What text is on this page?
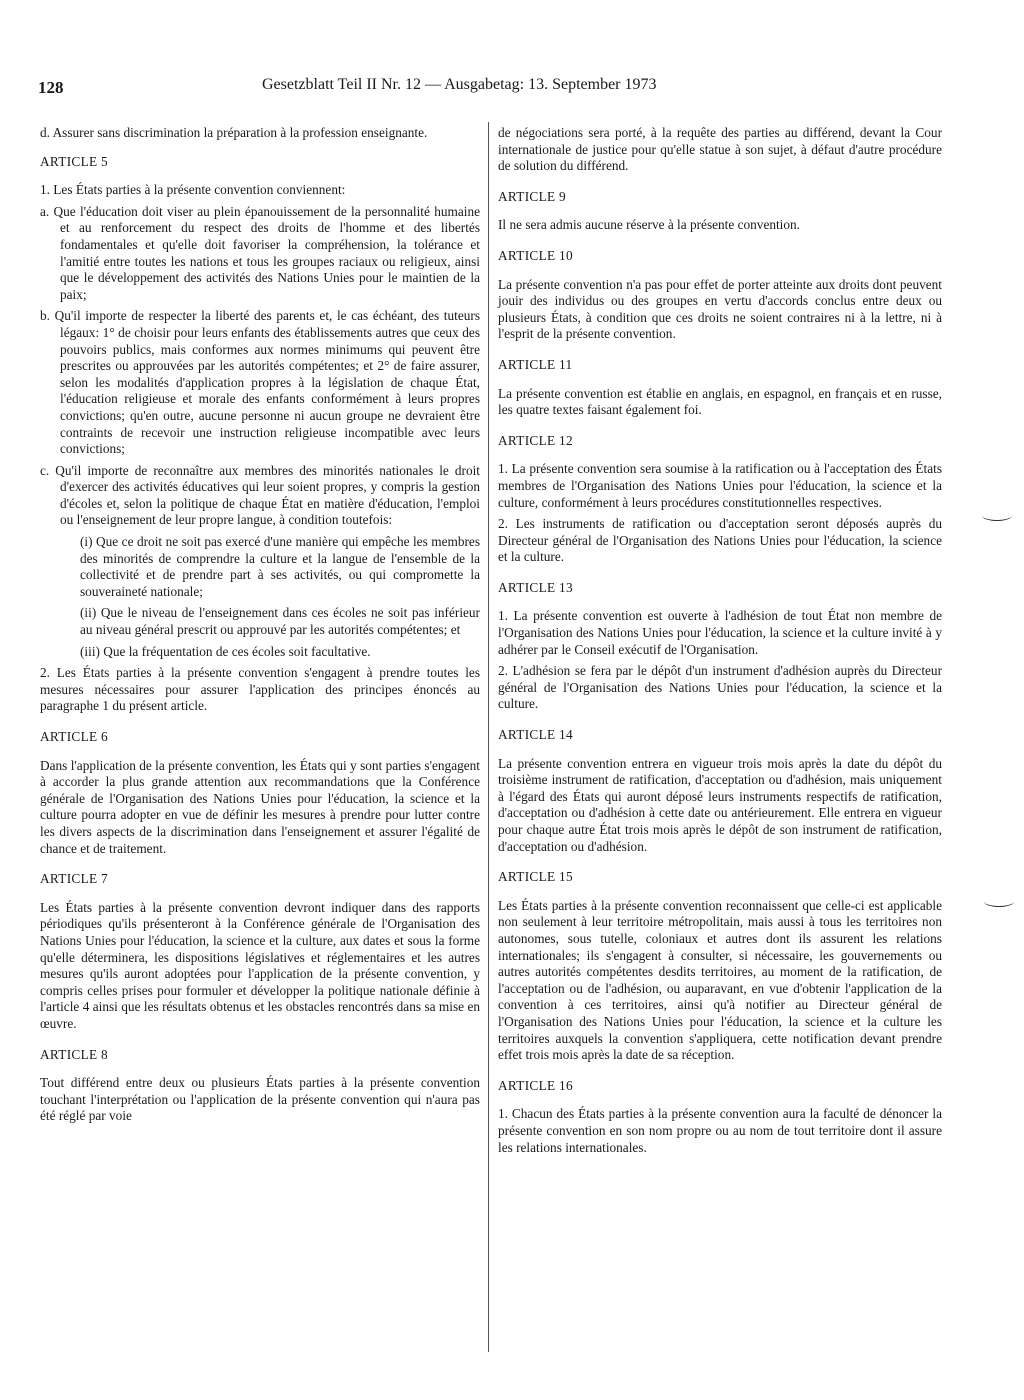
128	Gesetzblatt Teil II Nr. 12 — Ausgabetag: 13. September 1973

d. Assurer sans discrimination la préparation à la profession enseignante.

ARTICLE 5

1. Les États parties à la présente convention conviennent:

a. Que l'éducation doit viser au plein épanouissement de la personnalité humaine et au renforcement du respect des droits de l'homme et des libertés fondamentales et qu'elle doit favoriser la compréhension, la tolérance et l'amitié entre toutes les nations et tous les groupes raciaux ou religieux, ainsi que le développement des activités des Nations Unies pour le maintien de la paix;

b. Qu'il importe de respecter la liberté des parents et, le cas échéant, des tuteurs légaux: 1° de choisir pour leurs enfants des établissements autres que ceux des pouvoirs publics, mais conformes aux normes minimums qui peuvent être prescrites ou approuvées par les autorités compétentes; et 2° de faire assurer, selon les modalités d'application propres à la législation de chaque État, l'éducation religieuse et morale des enfants conformément à leurs propres convictions; qu'en outre, aucune personne ni aucun groupe ne devraient être contraints de recevoir une instruction religieuse incompatible avec leurs convictions;

c. Qu'il importe de reconnaître aux membres des minorités nationales le droit d'exercer des activités éducatives qui leur soient propres, y compris la gestion d'écoles et, selon la politique de chaque État en matière d'éducation, l'emploi ou l'enseignement de leur propre langue, à condition toutefois:

(i) Que ce droit ne soit pas exercé d'une manière qui empêche les membres des minorités de comprendre la culture et la langue de l'ensemble de la collectivité et de prendre part à ses activités, ou qui compromette la souveraineté nationale;

(ii) Que le niveau de l'enseignement dans ces écoles ne soit pas inférieur au niveau général prescrit ou approuvé par les autorités compétentes; et

(iii) Que la fréquentation de ces écoles soit facultative.

2. Les États parties à la présente convention s'engagent à prendre toutes les mesures nécessaires pour assurer l'application des principes énoncés au paragraphe 1 du présent article.

ARTICLE 6

Dans l'application de la présente convention, les États qui y sont parties s'engagent à accorder la plus grande attention aux recommandations que la Conférence générale de l'Organisation des Nations Unies pour l'éducation, la science et la culture pourra adopter en vue de définir les mesures à prendre pour lutter contre les divers aspects de la discrimination dans l'enseignement et assurer l'égalité de chance et de traitement.

ARTICLE 7

Les États parties à la présente convention devront indiquer dans des rapports périodiques qu'ils présenteront à la Conférence générale de l'Organisation des Nations Unies pour l'éducation, la science et la culture, aux dates et sous la forme qu'elle déterminera, les dispositions législatives et réglementaires et les autres mesures qu'ils auront adoptées pour l'application de la présente convention, y compris celles prises pour formuler et développer la politique nationale définie à l'article 4 ainsi que les résultats obtenus et les obstacles rencontrés dans sa mise en œuvre.

ARTICLE 8

Tout différend entre deux ou plusieurs États parties à la présente convention touchant l'interprétation ou l'application de la présente convention qui n'aura pas été réglé par voie

de négociations sera porté, à la requête des parties au différend, devant la Cour internationale de justice pour qu'elle statue à son sujet, à défaut d'autre procédure de solution du différend.

ARTICLE 9

Il ne sera admis aucune réserve à la présente convention.

ARTICLE 10

La présente convention n'a pas pour effet de porter atteinte aux droits dont peuvent jouir des individus ou des groupes en vertu d'accords conclus entre deux ou plusieurs États, à condition que ces droits ne soient contraires ni à la lettre, ni à l'esprit de la présente convention.

ARTICLE 11

La présente convention est établie en anglais, en espagnol, en français et en russe, les quatre textes faisant également foi.

ARTICLE 12

1. La présente convention sera soumise à la ratification ou à l'acceptation des États membres de l'Organisation des Nations Unies pour l'éducation, la science et la culture, conformément à leurs procédures constitutionnelles respectives.

2. Les instruments de ratification ou d'acceptation seront déposés auprès du Directeur général de l'Organisation des Nations Unies pour l'éducation, la science et la culture.

ARTICLE 13

1. La présente convention est ouverte à l'adhésion de tout État non membre de l'Organisation des Nations Unies pour l'éducation, la science et la culture invité à y adhérer par le Conseil exécutif de l'Organisation.

2. L'adhésion se fera par le dépôt d'un instrument d'adhésion auprès du Directeur général de l'Organisation des Nations Unies pour l'éducation, la science et la culture.

ARTICLE 14

La présente convention entrera en vigueur trois mois après la date du dépôt du troisième instrument de ratification, d'acceptation ou d'adhésion, mais uniquement à l'égard des États qui auront déposé leurs instruments respectifs de ratification, d'acceptation ou d'adhésion à cette date ou antérieurement. Elle entrera en vigueur pour chaque autre État trois mois après le dépôt de son instrument de ratification, d'acceptation ou d'adhésion.

ARTICLE 15

Les États parties à la présente convention reconnaissent que celle-ci est applicable non seulement à leur territoire métropolitain, mais aussi à tous les territoires non autonomes, sous tutelle, coloniaux et autres dont ils assurent les relations internationales; ils s'engagent à consulter, si nécessaire, les gouvernements ou autres autorités compétentes desdits territoires, au moment de la ratification, de l'acceptation ou de l'adhésion, ou auparavant, en vue d'obtenir l'application de la convention à ces territoires, ainsi qu'à notifier au Directeur général de l'Organisation des Nations Unies pour l'éducation, la science et la culture les territoires auxquels la convention s'appliquera, cette notification devant prendre effet trois mois après la date de sa réception.

ARTICLE 16

1. Chacun des États parties à la présente convention aura la faculté de dénoncer la présente convention en son nom propre ou au nom de tout territoire dont il assure les relations internationales.
